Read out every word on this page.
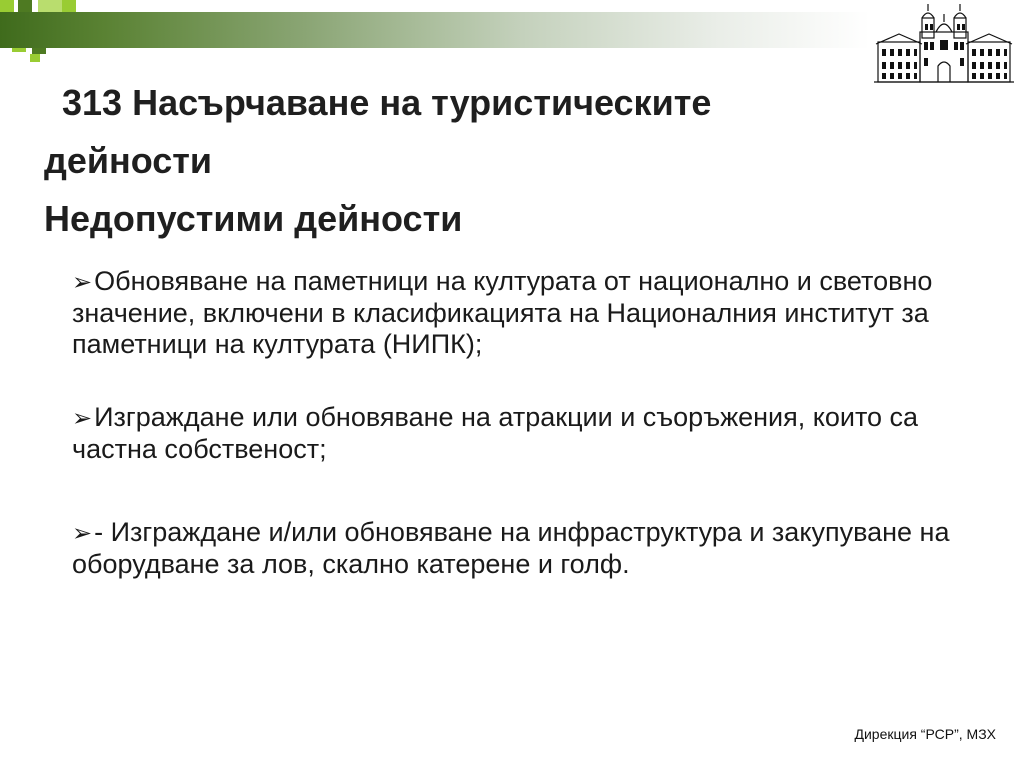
313 Насърчаване на туристическите
дейности
Недопустими дейности
➢Обновяване на паметници на културата от национално и световно значение, включени в класификацията на Националния институт за паметници на културата (НИПК);
➢Изграждане или обновяване на атракции и съоръжения, които са частна собственост;
➢- Изграждане и/или обновяване на инфраструктура и закупуване на оборудване за лов, скално катерене и голф.
Дирекция “РСР”, МЗХ
